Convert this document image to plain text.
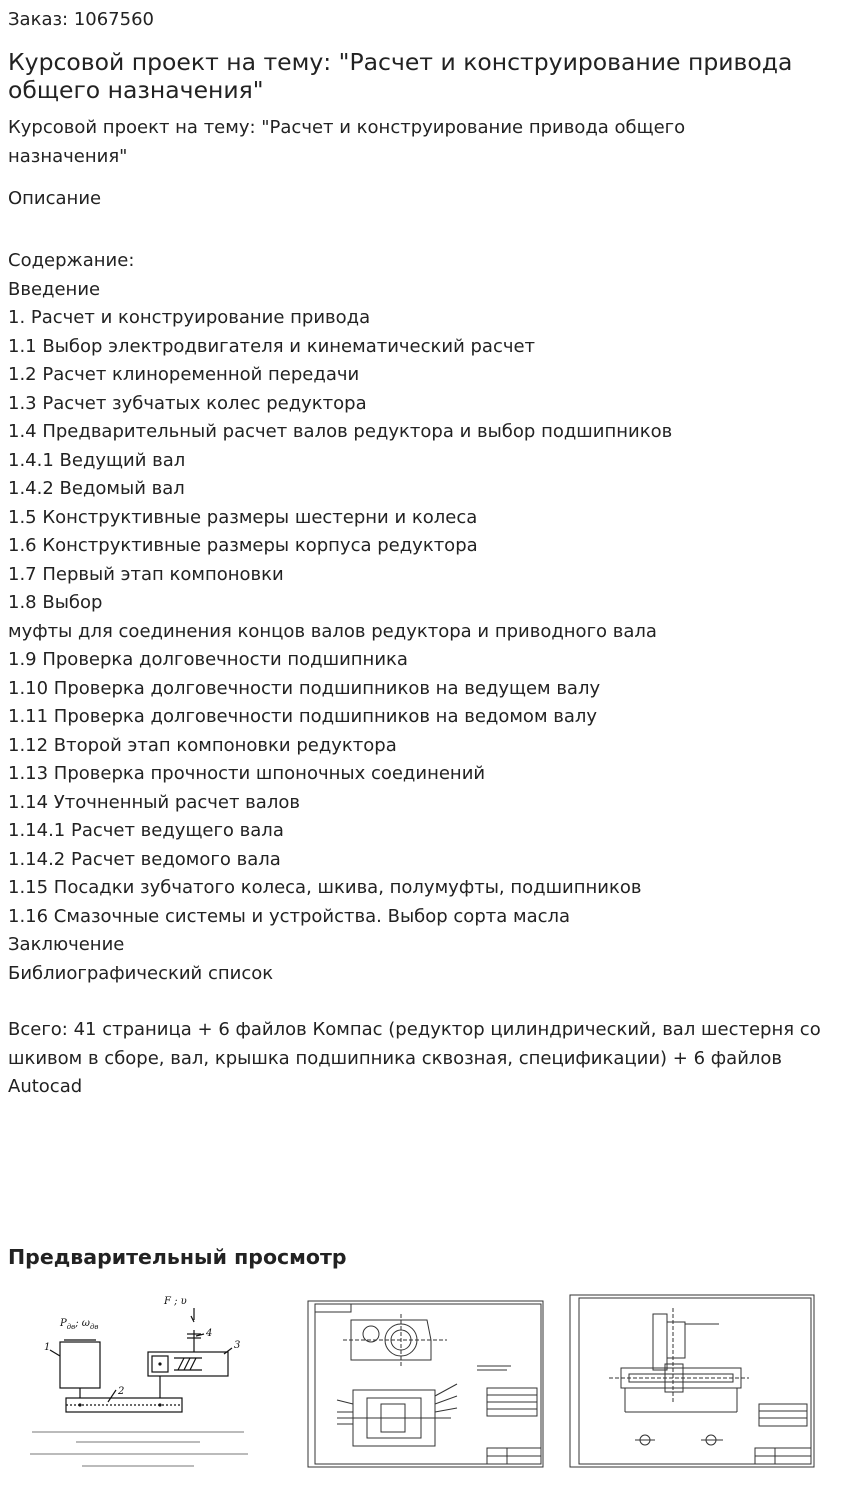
Заказ: 1067560
Курсовой проект на тему: "Расчет и конструирование привода общего назначения"
Курсовой проект на тему: "Расчет и конструирование привода общего назначения"
Описание
Содержание:
Введение
1. Расчет и конструирование привода
1.1 Выбор электродвигателя и кинематический расчет
1.2 Расчет клиноременной передачи
1.3 Расчет зубчатых колес редуктора
1.4 Предварительный расчет валов редуктора и выбор подшипников
1.4.1 Ведущий вал
1.4.2 Ведомый вал
1.5 Конструктивные размеры шестерни и колеса
1.6 Конструктивные размеры корпуса редуктора
1.7 Первый этап компоновки
1.8 Выбор
муфты для соединения концов валов редуктора и приводного вала
1.9 Проверка долговечности подшипника
1.10 Проверка долговечности подшипников на ведущем валу
1.11 Проверка долговечности подшипников на ведомом валу
1.12 Второй этап компоновки редуктора
1.13 Проверка прочности шпоночных соединений
1.14 Уточненный расчет валов
1.14.1 Расчет ведущего вала
1.14.2 Расчет ведомого вала
1.15 Посадки зубчатого колеса, шкива, полумуфты, подшипников
1.16 Смазочные системы и устройства. Выбор сорта масла
Заключение
Библиографический список
Всего: 41 страница + 6 файлов Компас (редуктор цилиндрический, вал шестерня со шкивом в сборе, вал, крышка подшипника сквозная, спецификации) + 6 файлов Autocad
Предварительный просмотр
F ; υ
$P_{дв}$; $\omega_{дв}$
1
2
3
4
